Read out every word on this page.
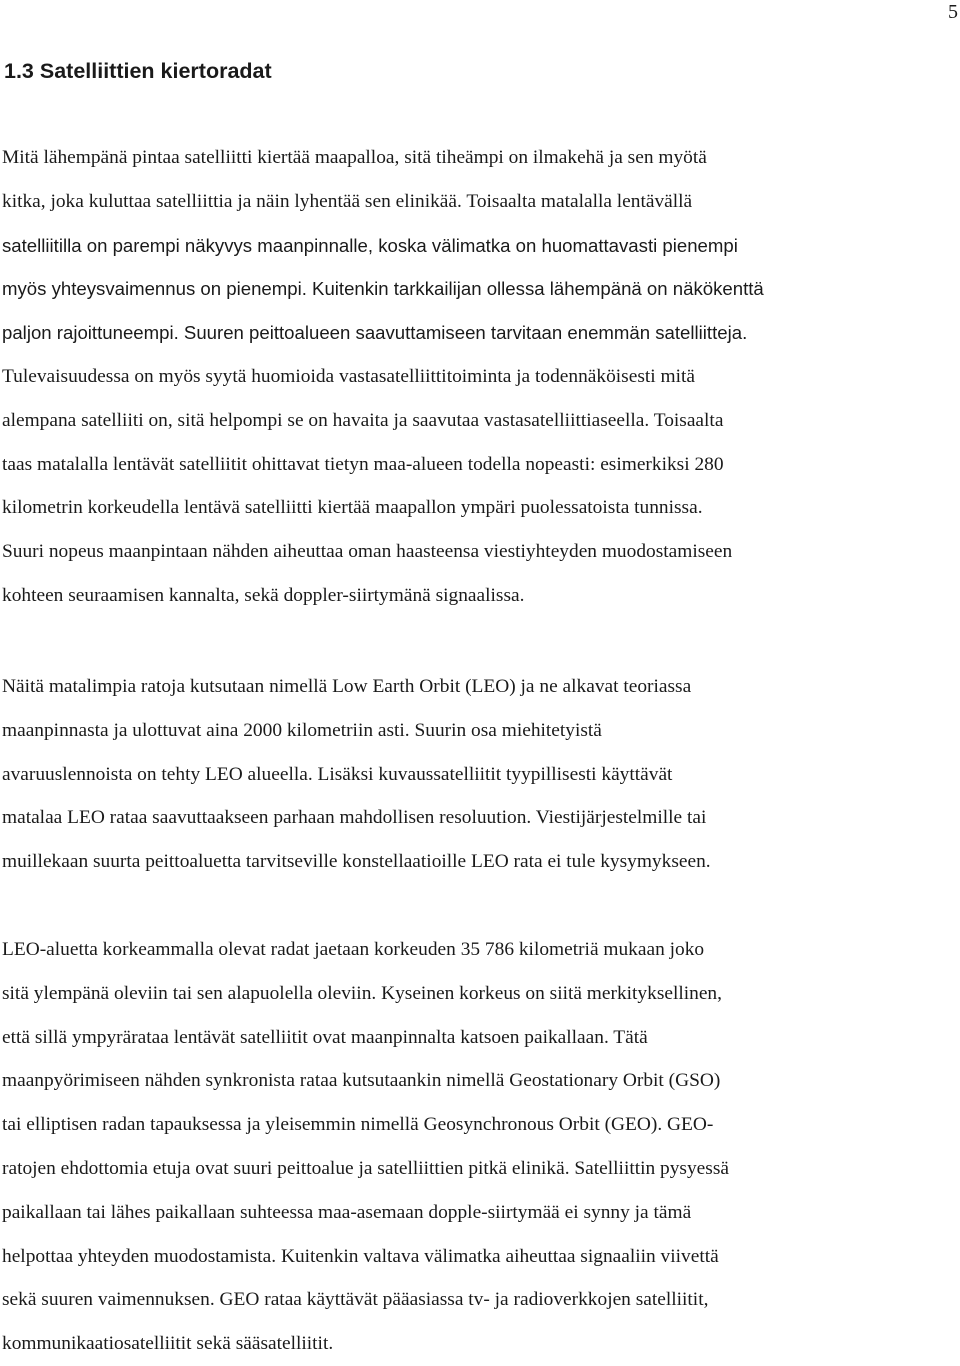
5
1.3 Satelliittien kiertoradat
Mitä lähempänä pintaa satelliitti kiertää maapalloa, sitä tiheämpi on ilmakehä ja sen myötä
kitka, joka kuluttaa satelliittia ja näin lyhentää sen elinikää. Toisaalta matalalla lentävällä
satelliitilla on parempi näkyvys maanpinnalle, koska välimatka on huomattavasti pienempi
myös yhteysvaimennus on pienempi. Kuitenkin tarkkailijan ollessa lähempänä on näkökenttä
paljon rajoittuneempi. Suuren peittoalueen saavuttamiseen tarvitaan enemmän satelliitteja.
Tulevaisuudessa on myös syytä huomioida vastasatelliittitoiminta ja todennäköisesti mitä
alempana satelliiti on, sitä helpompi se on havaita ja saavutaa vastasatelliittiaseella. Toisaalta
taas matalalla lentävät satelliitit ohittavat tietyn maa-alueen todella nopeasti: esimerkiksi 280
kilometrin korkeudella lentävä satelliitti kiertää maapallon ympäri puolessatoista tunnissa.
Suuri nopeus maanpintaan nähden aiheuttaa oman haasteensa viestiyhteyden muodostamiseen
kohteen seuraamisen kannalta, sekä doppler-siirtymänä signaalissa.
Näitä matalimpia ratoja kutsutaan nimellä Low Earth Orbit (LEO) ja ne alkavat teoriassa
maanpinnasta ja ulottuvat aina 2000 kilometriin asti. Suurin osa miehitetyistä
avaruuslennoista on tehty LEO alueella. Lisäksi kuvaussatelliitit tyypillisesti käyttävät
matalaa LEO rataa saavuttaakseen parhaan mahdollisen resoluution. Viestijärjestelmille tai
muillekaan suurta peittoaluetta tarvitseville konstellaatioille LEO rata ei tule kysymykseen.
LEO-aluetta korkeammalla olevat radat jaetaan korkeuden 35 786 kilometriä mukaan joko
sitä ylempänä oleviin tai sen alapuolella oleviin. Kyseinen korkeus on siitä merkityksellinen,
että sillä ympyrärataa lentävät satelliitit ovat maanpinnalta katsoen paikallaan. Tätä
maanpyörimiseen nähden synkronista rataa kutsutaankin nimellä Geostationary Orbit (GSO)
tai elliptisen radan tapauksessa ja yleisemmin nimellä Geosynchronous Orbit (GEO). GEO-
ratojen ehdottomia etuja ovat suuri peittoalue ja satelliittien pitkä elinikä. Satelliittin pysyessä
paikallaan tai lähes paikallaan suhteessa maa-asemaan dopple-siirtymää ei synny ja tämä
helpottaa yhteyden muodostamista. Kuitenkin valtava välimatka aiheuttaa signaaliin viivettä
sekä suuren vaimennuksen. GEO rataa käyttävät pääasiassa tv- ja radioverkkojen satelliitit,
kommunikaatiosatelliitit sekä sääsatelliitit.
